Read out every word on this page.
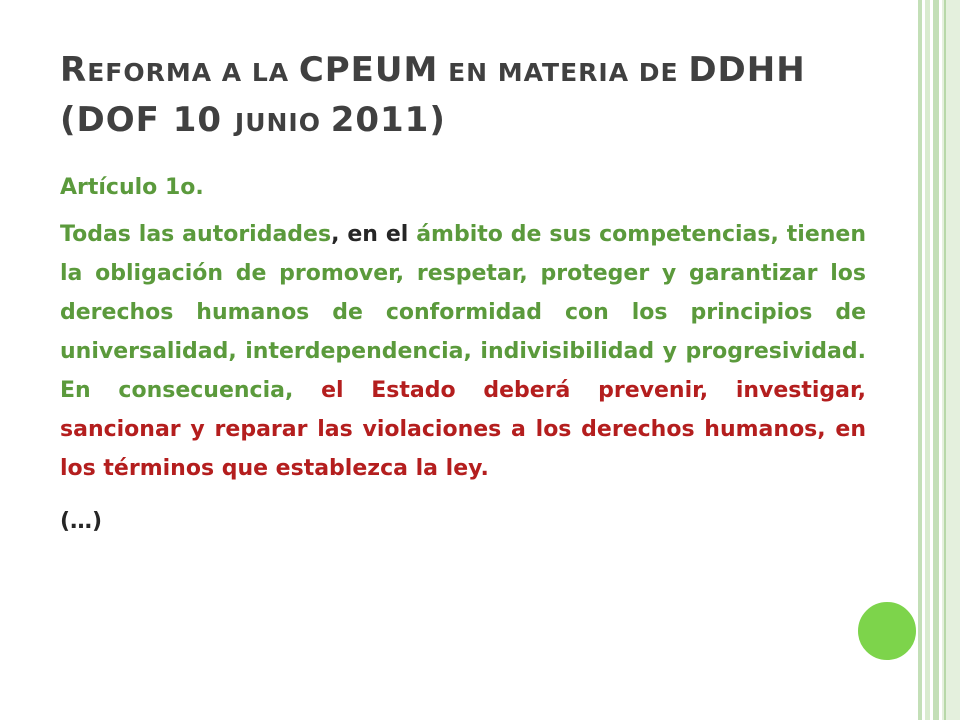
REFORMA A LA CPEUM EN MATERIA DE DDHH
(DOF 10 JUNIO 2011)
Artículo 1o.

Todas las autoridades, en el ámbito de sus competencias, tienen la obligación de promover, respetar, proteger y garantizar los derechos humanos de conformidad con los principios de universalidad, interdependencia, indivisibilidad y progresividad. En consecuencia, el Estado deberá prevenir, investigar, sancionar y reparar las violaciones a los derechos humanos, en los términos que establezca la ley.

(…)
